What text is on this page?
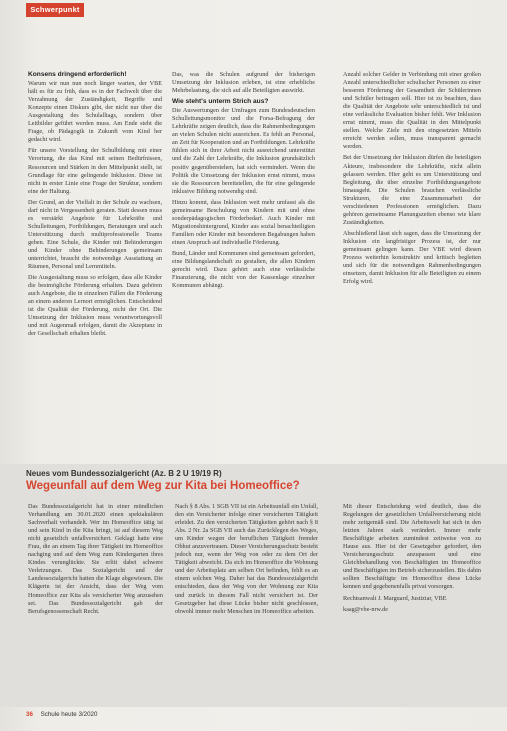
Schwerpunkt
Konsens dringend erforderlich!

Warum wir nun nun noch länger warten, der VBE hält es für zu früh, dass es in der Fachwelt über die Verzahnung der Zuständigkeit, Begriffe und Konzepte einen Diskurs gibt, der nicht nur über die Ausgestaltung des Schulalltags, sondern über Leitbilder geführt werden muss. Am Ende steht die Frage, ob Pädagogik in Zukunft vom Kind her gedacht wird.

Für unsere Vorstellung der Schulbildung mit einer Verortung, die das Kind mit seinen Bedürfnissen, Ressourcen und Stärken in den Mittelpunkt stellt, ist Grundlage für eine gelingende Inklusion. Diese ist nicht in erster Linie eine Frage der Struktur, sondern eine der Haltung.

Der Grund, an der Vielfalt in der Schule zu wachsen, darf nicht in Vergessenheit geraten. Statt dessen muss es verstärkt Angebote für Lehrkräfte und Schulleitungen, Fortbildungen, Beratungen und auch Unterstützung durch multiprofessionelle Teams geben. Eine Schule, die Kinder mit Behinderungen und Kinder ohne Behinderungen gemeinsam unterrichtet, braucht die notwendige Ausstattung an Räumen, Personal und Lernmitteln.

Die Ausgestaltung muss so erfolgen, dass alle Kinder die bestmögliche Förderung erhalten. Dazu gehören auch Angebote, die in einzelnen Fällen die Förderung an einem anderen Lernort ermöglichen. Entscheidend ist die Qualität der Förderung, nicht der Ort. Die Umsetzung der Inklusion muss verantwortungsvoll und mit Augenmaß erfolgen, damit die Akzeptanz in der Gesellschaft erhalten bleibt.

Das, was die Schulen aufgrund der bisherigen Umsetzung der Inklusion erleben, ist eine erhebliche Mehrbelastung, die sich auf alle Beteiligten auswirkt.

Wie steht's unterm Strich aus?

Die Auswertungen der Umfragen zum Bundesdeutschen Schulleitungsmonitor und die Forsa-Befragung der Lehrkräfte zeigen deutlich, dass die Rahmenbedingungen an vielen Schulen nicht ausreichen. Es fehlt an Personal, an Zeit für Kooperation und an Fortbildungen. Lehrkräfte fühlen sich in ihrer Arbeit nicht ausreichend unterstützt und die Zahl der Lehrkräfte, die Inklusion grundsätzlich positiv gegenüberstehen, hat sich vermindert. Wenn die Politik die Umsetzung der Inklusion ernst nimmt, muss sie die Ressourcen bereitstellen, die für eine gelingende inklusive Bildung notwendig sind.

Hinzu kommt, dass Inklusion weit mehr umfasst als die gemeinsame Beschulung von Kindern mit und ohne sonderpädagogischen Förderbedarf. Auch Kinder mit Migrationshintergrund, Kinder aus sozial benachteiligten Familien oder Kinder mit besonderen Begabungen haben einen Anspruch auf individuelle Förderung.

Bund, Länder und Kommunen sind gemeinsam gefordert, eine Bildungslandschaft zu gestalten, die allen Kindern gerecht wird. Dazu gehört auch eine verlässliche Finanzierung, die nicht von der Kassenlage einzelner Kommunen abhängt.

Anzahl solcher Gelder in Verbindung mit einer großen Anzahl unterschiedlicher schulischer Personen zu einer besseren Förderung der Gesamtheit der Schülerinnen und Schüler beitragen soll. Hier ist zu beachten, dass die Qualität der Angebote sehr unterschiedlich ist und eine verlässliche Evaluation bisher fehlt. Wer Inklusion ernst nimmt, muss die Qualität in den Mittelpunkt stellen. Welche Ziele mit den eingesetzten Mitteln erreicht werden sollen, muss transparent gemacht werden.

Bei der Umsetzung der Inklusion dürfen die beteiligten Akteure, insbesondere die Lehrkräfte, nicht allein gelassen werden. Hier geht es um Unterstützung und Begleitung, die über einzelne Fortbildungsangebote hinausgeht. Die Schulen brauchen verlässliche Strukturen, die eine Zusammenarbeit der verschiedenen Professionen ermöglichen. Dazu gehören gemeinsame Planungszeiten ebenso wie klare Zuständigkeiten.

Abschließend lässt sich sagen, dass die Umsetzung der Inklusion ein langfristiger Prozess ist, der nur gemeinsam gelingen kann. Der VBE wird diesen Prozess weiterhin konstruktiv und kritisch begleiten und sich für die notwendigen Rahmenbedingungen einsetzen, damit Inklusion für alle Beteiligten zu einem Erfolg wird.

Neues vom Bundessozialgericht (Az. B 2 U 19/19 R)
Wegeunfall auf dem Weg zur Kita bei Homeoffice?

Das Bundessozialgericht hat in einer mündlichen Verhandlung am 30.01.2020 einen spektakulären Sachverhalt verhandelt. Wer im Homeoffice tätig ist und sein Kind in die Kita bringt, ist auf diesem Weg nicht gesetzlich unfallversichert. Geklagt hatte eine Frau, die an einem Tag ihrer Tätigkeit im Homeoffice nachging und auf dem Weg zum Kindergarten ihres Kindes verunglückte. Sie erlitt dabei schwere Verletzungen. Das Sozialgericht und der Landessozialgericht hatten die Klage abgewiesen. Die Klägerin ist der Ansicht, dass der Weg vom Homeoffice zur Kita als versicherter Weg anzusehen sei. Das Bundessozialgericht gab der Berufsgenossenschaft Recht.

Nach § 8 Abs. 1 SGB VII ist ein Arbeitsunfall ein Unfall, den ein Versicherter infolge einer versicherten Tätigkeit erleidet. Zu den versicherten Tätigkeiten gehört nach § 8 Abs. 2 Nr. 2a SGB VII auch das Zurücklegen des Weges, um Kinder wegen der beruflichen Tätigkeit fremder Obhut anzuvertrauen. Dieser Versicherungsschutz besteht jedoch nur, wenn der Weg von oder zu dem Ort der Tätigkeit abweicht. Da sich im Homeoffice die Wohnung und der Arbeitsplatz am selben Ort befinden, fehlt es an einem solchen Weg. Daher hat das Bundessozialgericht entschieden, dass der Weg von der Wohnung zur Kita und zurück in diesem Fall nicht versichert ist. Der Gesetzgeber hat diese Lücke bisher nicht geschlossen, obwohl immer mehr Menschen im Homeoffice arbeiten.

Mit dieser Entscheidung wird deutlich, dass die Regelungen der gesetzlichen Unfallversicherung nicht mehr zeitgemäß sind. Die Arbeitswelt hat sich in den letzten Jahren stark verändert. Immer mehr Beschäftigte arbeiten zumindest zeitweise von zu Hause aus. Hier ist der Gesetzgeber gefordert, den Versicherungsschutz anzupassen und eine Gleichbehandlung von Beschäftigten im Homeoffice und Beschäftigten im Betrieb sicherzustellen. Bis dahin sollten Beschäftigte im Homeoffice diese Lücke kennen und gegebenenfalls privat vorsorgen.

Rechtsanwalt J. Marguard, Justiziar, VBE

kaag@vbe-nrw.de

36 Schule heute 3/2020
